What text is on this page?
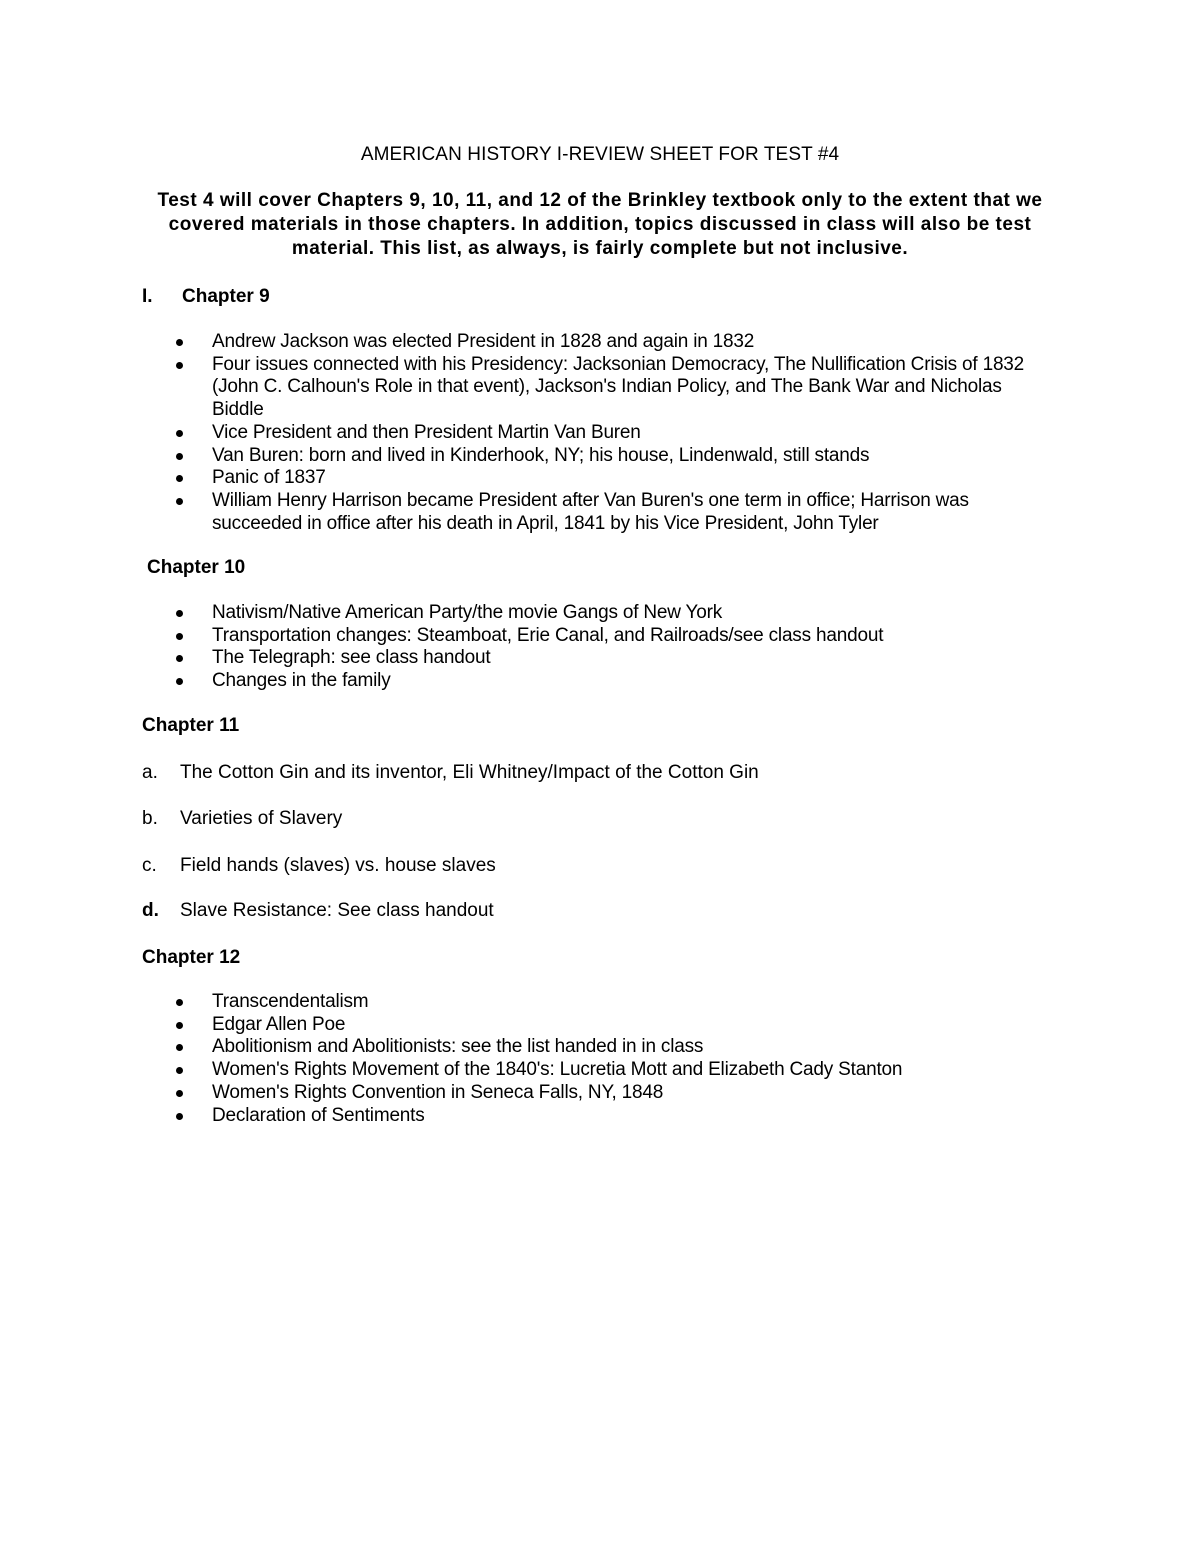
AMERICAN HISTORY I-REVIEW SHEET FOR TEST #4
Test 4 will cover Chapters 9, 10, 11, and 12 of the Brinkley textbook only to the extent that we covered materials in those chapters. In addition, topics discussed in class will also be test material. This list, as always, is fairly complete but not inclusive.
I. Chapter 9
Andrew Jackson was elected President in 1828 and again in 1832
Four issues connected with his Presidency: Jacksonian Democracy, The Nullification Crisis of 1832 (John C. Calhoun's Role in that event), Jackson's Indian Policy, and The Bank War and Nicholas Biddle
Vice President and then President Martin Van Buren
Van Buren: born and lived in Kinderhook, NY; his house, Lindenwald, still stands
Panic of 1837
William Henry Harrison became President after Van Buren's one term in office; Harrison was succeeded in office after his death in April, 1841 by his Vice President, John Tyler
Chapter 10
Nativism/Native American Party/the movie Gangs of New York
Transportation changes: Steamboat, Erie Canal, and Railroads/see class handout
The Telegraph: see class handout
Changes in the family
Chapter 11
a. The Cotton Gin and its inventor, Eli Whitney/Impact of the Cotton Gin
b. Varieties of Slavery
c. Field hands (slaves) vs. house slaves
d. Slave Resistance: See class handout
Chapter 12
Transcendentalism
Edgar Allen Poe
Abolitionism and Abolitionists: see the list handed in in class
Women's Rights Movement of the 1840's: Lucretia Mott and Elizabeth Cady Stanton
Women's Rights Convention in Seneca Falls, NY, 1848
Declaration of Sentiments
